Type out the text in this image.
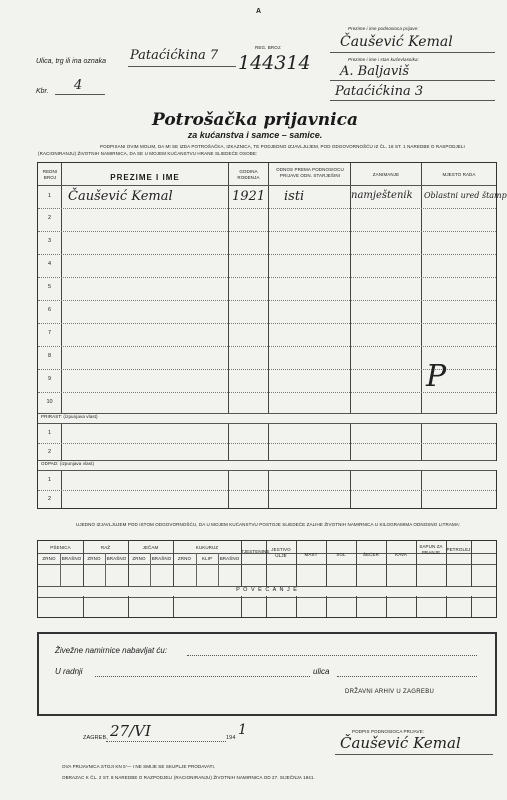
A
REG. BROJ:
144314
Prezime i ime podnosioca prijave:
Čaušević Kemal
Ulica, trg ili ina oznaka Pataćićkina 7	Prezime i ime i stan kućevlasnika:
A. Baljaviš
Pataćićkina 3
Kbr. 4
Potrošačka prijavnica
za kućanstva i samce – samice.
PODPISANI OVIM MOLIM, DA MI SE IZDA POTROŠAČKA, IZKAZNICA, TE PODJEDNO IZJAVLJUJEM, POD ODGOVORNOŠĆU IZ ČL. 18 ST. 1 NAREDBE O RASPODJELI (RACIONIRANJU) ŽIVOTNIH NAMIRNICA, DA SE U MOJEM KUĆANSTVU HRANE SLIEDEĆE OSOBE:
REDNI BROJ	PREZIME I IME
GODINA ROĐENJA
ODNOS PREMA PODNOSIOCU PRIJAVE ODN. STARJEŠINI	ZANIMANJE	MJESTO RADA
1	Čaušević Kemal	1921 isti	namještenik	Oblastni ured štamp
2
3
4
5
6
7
8
9	P
10
PRIRAST: (izpunjava vlast)
1
2
ODPAD: (izpunjava vlast)
1
2
UJEDNO IZJAVLJUJEM POD ISTOM ODGOVORNOŠĆU, DA U MOJEM KUĆANSTVU POSTOJE SLIEDEĆE ZALIHE ŽIVOTNIH NAMIRNICA U KILOGRAMIMA ODNOSNO LITRAMA:
PŠENICA	RAŽ	JEČAM	KUKURUZ
ZRNO	BRAŠNO	ZRNO	BRAŠNO	ZRNO	BRAŠNO	ZRNO	KLIP	BRAŠNO
TJESTENINE JESTIVO ULJE	MAST	SOL	ŠEĆER	KAVA
SAPUN ZA PRANJE
PETROLEJ
P O V E Ć A N J E
Živežne namirnice nabavljat ću:
U radnji	ulica
DRŽAVNI ARHIV U ZAGREBU
ZAGREB, 27/VI	194 1	PODPIS PODNOSIOCA PRIJAVE:
Čaušević Kemal
OVA PRIJAVNICA STOJI KN 5'— I NE SMIJE SE SKUPLJE PRODAVATI.
OBRAZAC K ČL. 2 ST. 8 NAREDBE O RAZPODJELI (RACIONIRANJU) ŽIVOTNIH NAMIRNICA OD 27. SIJEČNJA 1941.
